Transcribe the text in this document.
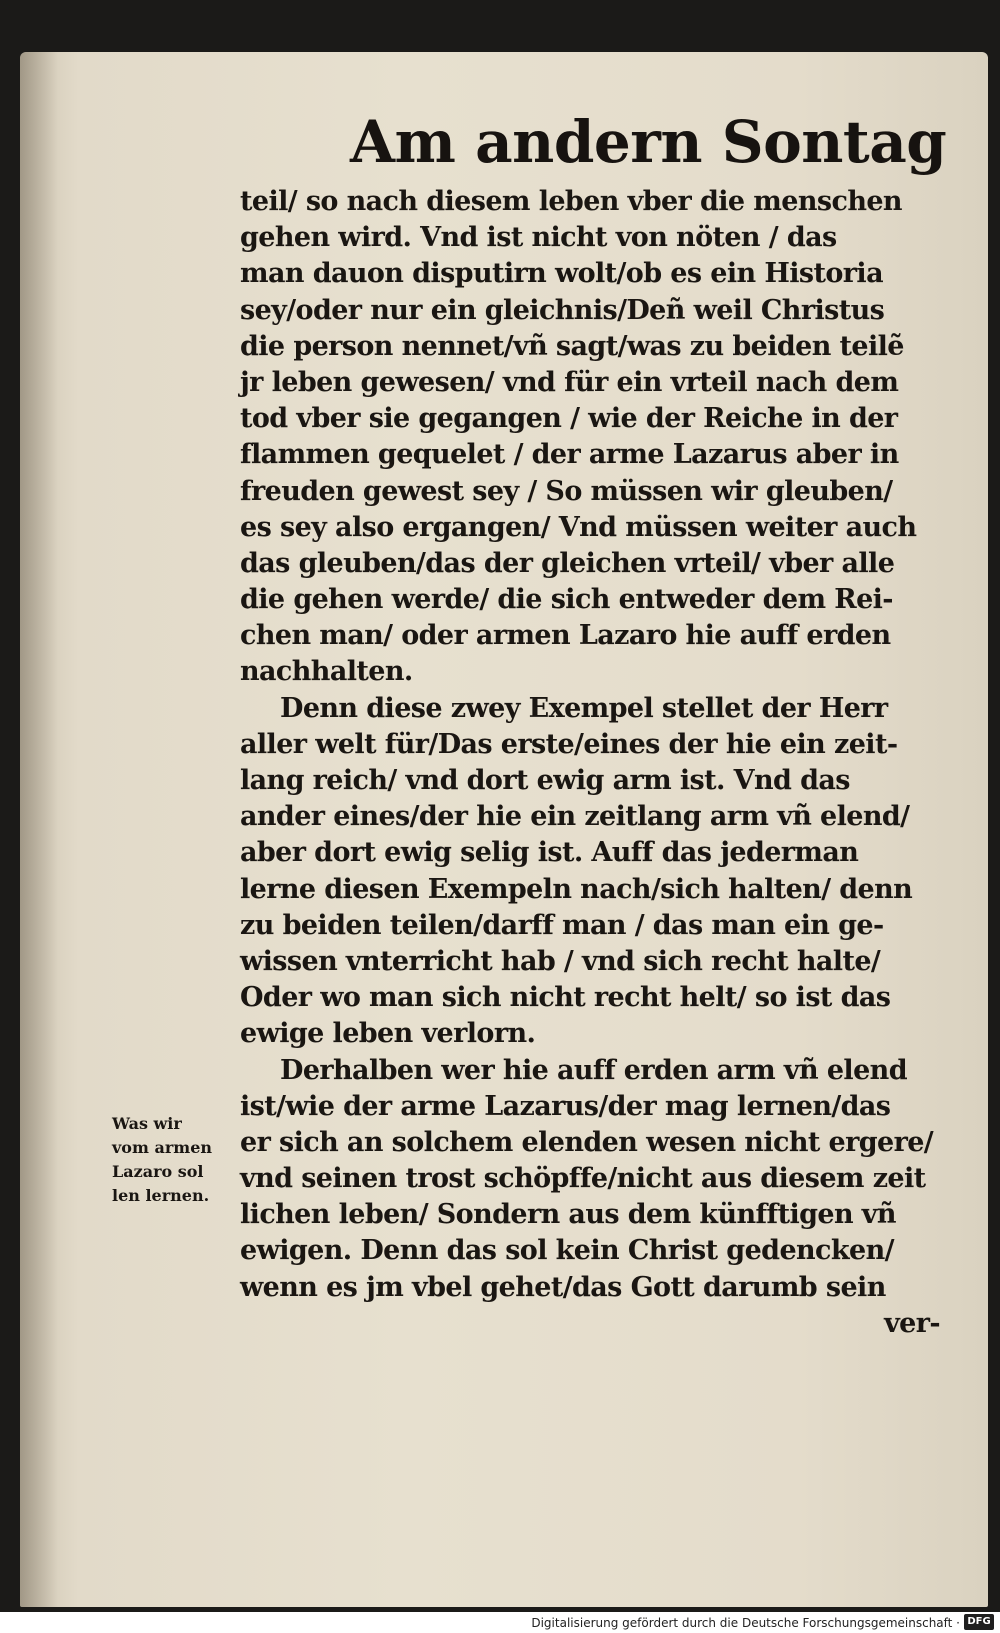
Am andern Sontag
teil/ so nach diesem leben vber die menschen
gehen wird. Vnd ist nicht von nöten / das
man dauon disputirn wolt/ob es ein Historia
sey/oder nur ein gleichnis/Deñ weil Christus
die person nennet/vñ sagt/was zu beiden teilẽ
jr leben gewesen/ vnd für ein vrteil nach dem
tod vber sie gegangen / wie der Reiche in der
flammen gequelet / der arme Lazarus aber in
freuden gewest sey / So müssen wir gleuben/
es sey also ergangen/ Vnd müssen weiter auch
das gleuben/das der gleichen vrteil/ vber alle
die gehen werde/ die sich entweder dem Rei-
chen man/ oder armen Lazaro hie auff erden
nachhalten.
Denn diese zwey Exempel stellet der Herr
aller welt für/Das erste/eines der hie ein zeit-
lang reich/ vnd dort ewig arm ist. Vnd das
ander eines/der hie ein zeitlang arm vñ elend/
aber dort ewig selig ist. Auff das jederman
lerne diesen Exempeln nach/sich halten/ denn
zu beiden teilen/darff man / das man ein ge-
wissen vnterricht hab / vnd sich recht halte/
Oder wo man sich nicht recht helt/ so ist das
ewige leben verlorn.
Derhalben wer hie auff erden arm vñ elend
ist/wie der arme Lazarus/der mag lernen/das
er sich an solchem elenden wesen nicht ergere/
vnd seinen trost schöpffe/nicht aus diesem zeit
lichen leben/ Sondern aus dem künfftigen vñ
ewigen. Denn das sol kein Christ gedencken/
wenn es jm vbel gehet/das Gott darumb sein
ver-
Was wir
vom armen
Lazaro sol
len lernen.
Digitalisierung gefördert durch die Deutsche Forschungsgemeinschaft · DFG
